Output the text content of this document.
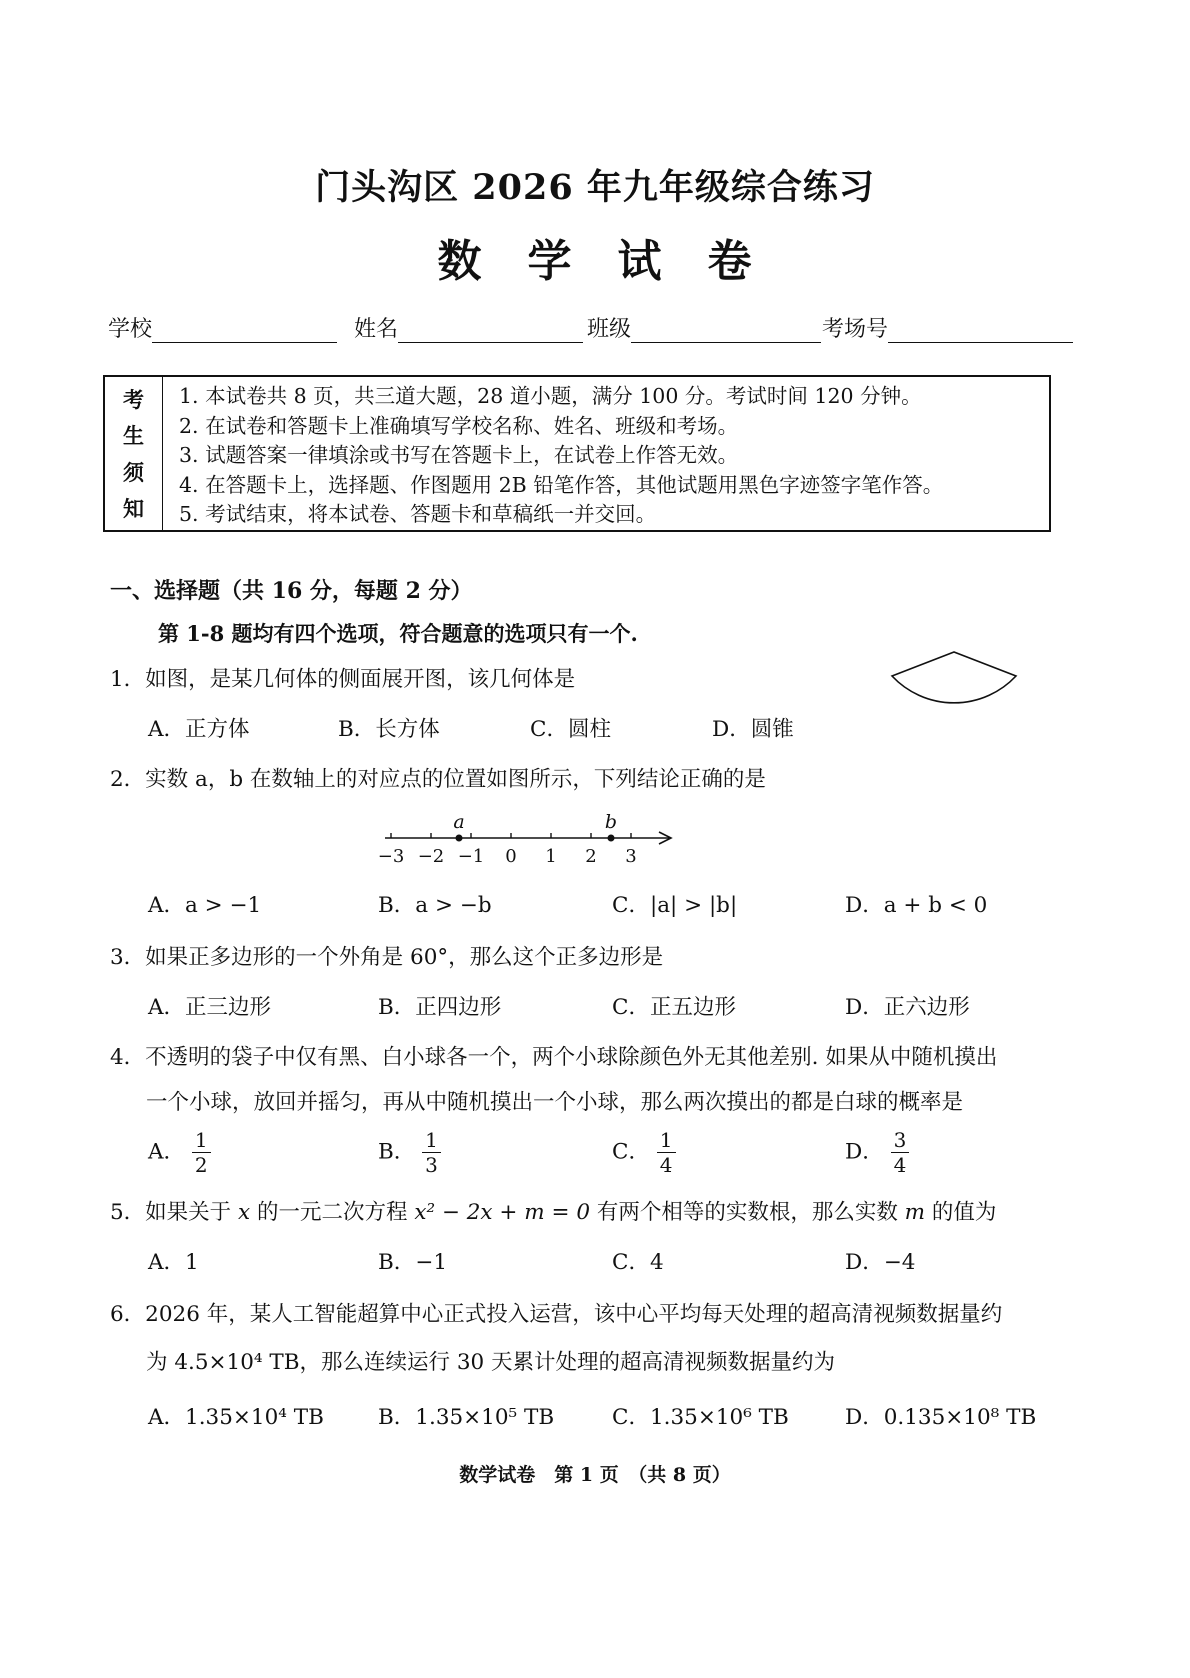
门头沟区 2026 年九年级综合练习
数　学　试　卷
学校	姓名	班级	考场号
考
生
须
知
1. 本试卷共 8 页，共三道大题，28 道小题，满分 100 分。考试时间 120 分钟。
2. 在试卷和答题卡上准确填写学校名称、姓名、班级和考场。
3. 试题答案一律填涂或书写在答题卡上，在试卷上作答无效。
4. 在答题卡上，选择题、作图题用 2B 铅笔作答，其他试题用黑色字迹签字笔作答。
5. 考试结束，将本试卷、答题卡和草稿纸一并交回。
一、选择题（共 16 分，每题 2 分）
第 1-8 题均有四个选项，符合题意的选项只有一个.
1．如图，是某几何体的侧面展开图，该几何体是
A．正方体	B．长方体	C．圆柱	D．圆锥
2．实数 a，b 在数轴上的对应点的位置如图所示，下列结论正确的是
−3 −2 −1 0 1 2 3
a	b
A．a > −1	B．a > −b	C．|a| > |b|	D．a + b < 0
3．如果正多边形的一个外角是 60°，那么这个正多边形是
A．正三边形	B．正四边形	C．正五边形	D．正六边形
4．不透明的袋子中仅有黑、白小球各一个，两个小球除颜色外无其他差别. 如果从中随机摸出
一个小球，放回并摇匀，再从中随机摸出一个小球，那么两次摸出的都是白球的概率是
A． $\frac{1}{2}$	B． $\frac{1}{3}$	C． $\frac{1}{4}$	D． $\frac{3}{4}$
5．如果关于 x 的一元二次方程 x² − 2x + m = 0 有两个相等的实数根，那么实数 m 的值为
A．1	B．−1	C．4	D．−4
6．2026 年，某人工智能超算中心正式投入运营，该中心平均每天处理的超高清视频数据量约
为 4.5×10⁴ TB，那么连续运行 30 天累计处理的超高清视频数据量约为
A．1.35×10⁴ TB	B．1.35×10⁵ TB	C．1.35×10⁶ TB	D．0.135×10⁸ TB
数学试卷　第 1 页　（共 8 页）
